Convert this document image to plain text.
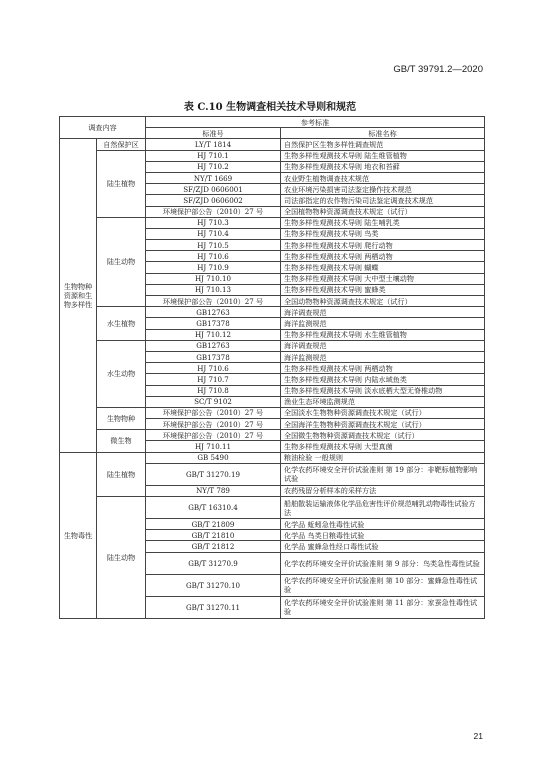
GB/T 39791.2—2020
表 C.10 生物调查相关技术导则和规范
调查内容		参考标准	
		标准号	标准名称
生物物种资源和生物多样性	自然保护区	LY/T 1814	自然保护区生物多样性调查规范
	陆生植物	HJ 710.1	生物多样性观测技术导则 陆生维管植物
		HJ 710.2	生物多样性观测技术导则 地衣和苔藓
		NY/T 1669	农业野生植物调查技术规范
		SF/ZJD 0606001	农业环境污染损害司法鉴定操作技术规范
		SF/ZJD 0606002	司法部指定的农作物污染司法鉴定调查技术规范
		环境保护部公告（2010）27 号	全国植物物种资源调查技术规定（试行）
	陆生动物	HJ 710.3	生物多样性观测技术导则 陆生哺乳类
		HJ 710.4	生物多样性观测技术导则 鸟类
		HJ 710.5	生物多样性观测技术导则 爬行动物
		HJ 710.6	生物多样性观测技术导则 两栖动物
		HJ 710.9	生物多样性观测技术导则 蝴蝶
		HJ 710.10	生物多样性观测技术导则 大中型土壤动物
		HJ 710.13	生物多样性观测技术导则 蜜蜂类
		环境保护部公告（2010）27 号	全国动物物种资源调查技术规定（试行）
	水生植物	GB12763	海洋调查规范
		GB17378	海洋监测规范
		HJ 710.12	生物多样性观测技术导则 水生维管植物
	水生动物	GB12763	海洋调查规范
		GB17378	海洋监测规范
		HJ 710.6	生物多样性观测技术导则 两栖动物
		HJ 710.7	生物多样性观测技术导则 内陆水域鱼类
		HJ 710.8	生物多样性观测技术导则 淡水底栖大型无脊椎动物
		SC/T 9102	渔业生态环境监测规范
	生物物种	环境保护部公告（2010）27 号	全国淡水生物物种资源调查技术规定（试行）
		环境保护部公告（2010）27 号	全国海洋生物物种资源调查技术规定（试行）
	微生物	环境保护部公告（2010）27 号	全国微生物物种资源调查技术规定（试行）
		HJ 710.11	生物多样性观测技术导则 大型真菌
生物毒性	陆生植物	GB 5490	粮油检验 一般规则
		GB/T 31270.19	化学农药环境安全评价试验准则 第 19 部分：非靶标植物影响试验
		NY/T 789	农药残留分析样本的采样方法
	陆生动物	GB/T 16310.4	船舶散装运输液体化学品危害性评价规范哺乳动物毒性试验方法
		GB/T 21809	化学品 蚯蚓急性毒性试验
		GB/T 21810	化学品 鸟类日粮毒性试验
		GB/T 21812	化学品 蜜蜂急性经口毒性试验
		GB/T 31270.9	化学农药环境安全评价试验准则 第 9 部分：鸟类急性毒性试验
		GB/T 31270.10	化学农药环境安全评价试验准则 第 10 部分：蜜蜂急性毒性试验
		GB/T 31270.11	化学农药环境安全评价试验准则 第 11 部分：家蚕急性毒性试验
21
